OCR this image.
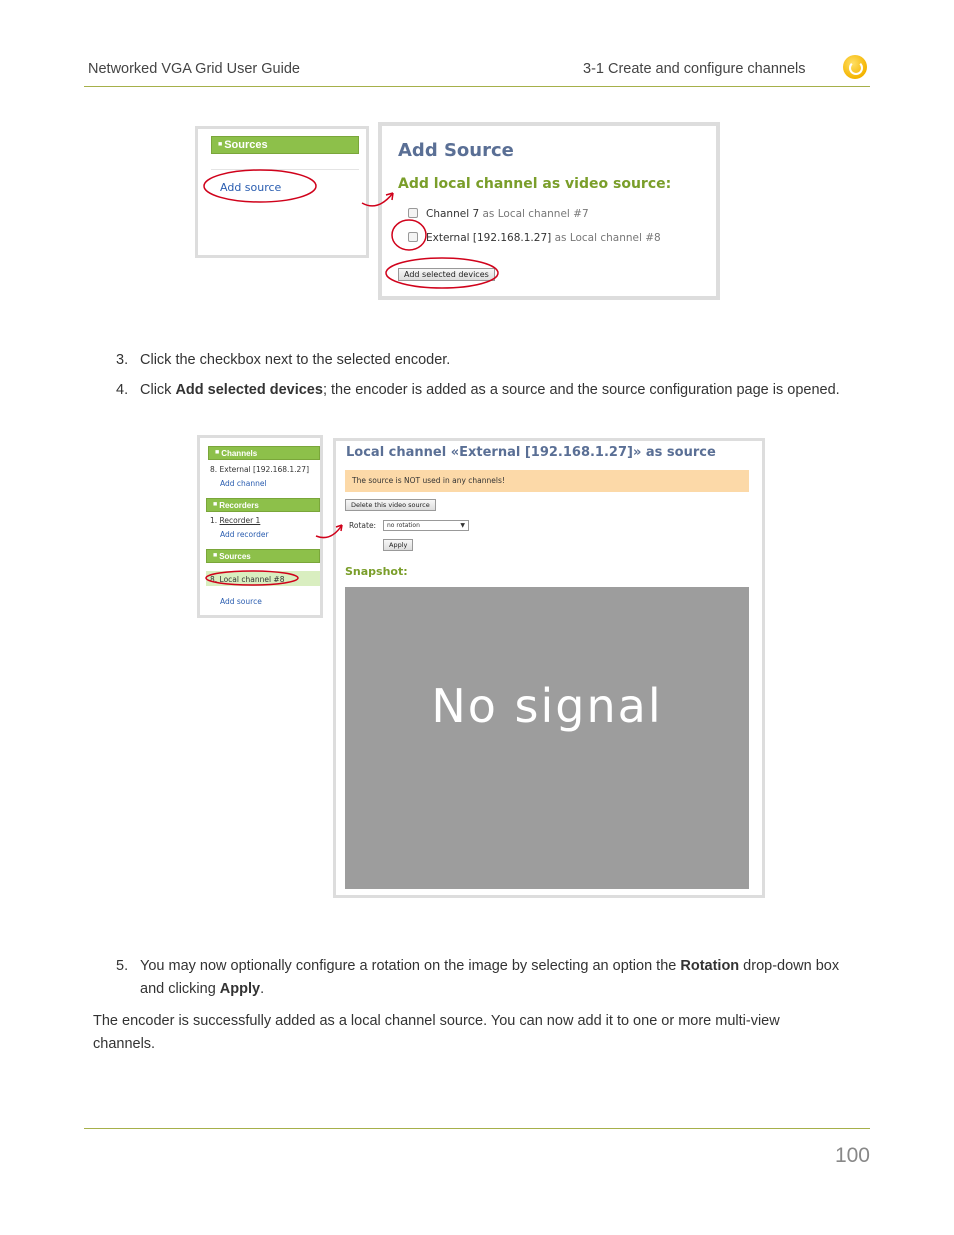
Networked VGA Grid User Guide	3-1 Create and configure channels
■ Sources
Add source
Add Source
Add local channel as video source:
Channel 7 as Local channel #7
External [192.168.1.27] as Local channel #8
Add selected devices
3. Click the checkbox next to the selected encoder.
4. Click Add selected devices; the encoder is added as a source and the source configuration page is opened.
■ Channels
8. External [192.168.1.27]
Add channel
■ Recorders
1. Recorder 1
Add recorder
■ Sources
8. Local channel #8
Add source
Local channel «External [192.168.1.27]» as source
The source is NOT used in any channels!
Delete this video source
Rotate:	no rotation	▼
Apply
Snapshot:
No signal
5. You may now optionally configure a rotation on the image by selecting an option the Rotation drop-down box and clicking Apply.
The encoder is successfully added as a local channel source. You can now add it to one or more multi-view channels.
100
